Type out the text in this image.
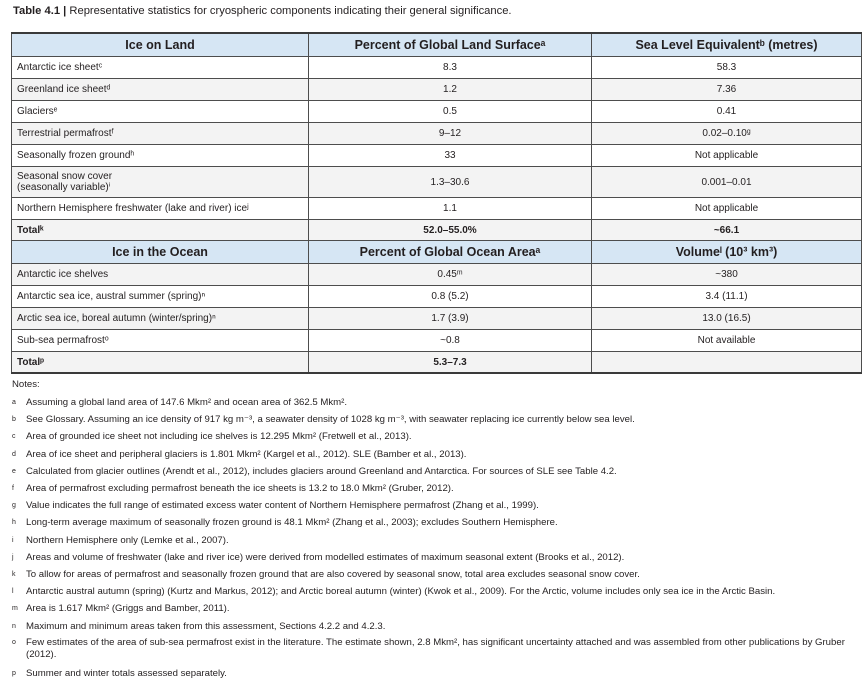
Table 4.1 | Representative statistics for cryospheric components indicating their general significance.
Ice on Land	Percent of Global Land Surfaceᵃ	Sea Level Equivalentᵇ (metres)
Antarctic ice sheetᶜ	8.3	58.3
Greenland ice sheetᵈ	1.2	7.36
Glaciersᵉ	0.5	0.41
Terrestrial permafrostᶠ	9–12	0.02–0.10ᵍ
Seasonally frozen groundʰ	33	Not applicable

Seasonal snow cover
(seasonally variable)ⁱ	1.3–30.6	0.001–0.01
Northern Hemisphere freshwater (lake and river) iceʲ	1.1	Not applicable
Totalᵏ	52.0–55.0%	~66.1
Ice in the Ocean	Percent of Global Ocean Areaᵃ	Volumeˡ (10³ km³)
Antarctic ice shelves	0.45ᵐ	~380
Antarctic sea ice, austral summer (spring)ⁿ	0.8 (5.2)	3.4 (11.1)
Arctic sea ice, boreal autumn (winter/spring)ⁿ	1.7 (3.9)	13.0 (16.5)
Sub-sea permafrostᵒ	~0.8	Not available
Totalᵖ	5.3–7.3	
Notes:
a	Assuming a global land area of 147.6 Mkm² and ocean area of 362.5 Mkm².
b	See Glossary. Assuming an ice density of 917 kg m⁻³, a seawater density of 1028 kg m⁻³, with seawater replacing ice currently below sea level.
c	Area of grounded ice sheet not including ice shelves is 12.295 Mkm² (Fretwell et al., 2013).
d	Area of ice sheet and peripheral glaciers is 1.801 Mkm² (Kargel et al., 2012). SLE (Bamber et al., 2013).
e	Calculated from glacier outlines (Arendt et al., 2012), includes glaciers around Greenland and Antarctica. For sources of SLE see Table 4.2.
f	Area of permafrost excluding permafrost beneath the ice sheets is 13.2 to 18.0 Mkm² (Gruber, 2012).
g	Value indicates the full range of estimated excess water content of Northern Hemisphere permafrost (Zhang et al., 1999).
h	Long-term average maximum of seasonally frozen ground is 48.1 Mkm² (Zhang et al., 2003); excludes Southern Hemisphere.
i	Northern Hemisphere only (Lemke et al., 2007).
j	Areas and volume of freshwater (lake and river ice) were derived from modelled estimates of maximum seasonal extent (Brooks et al., 2012).
k	To allow for areas of permafrost and seasonally frozen ground that are also covered by seasonal snow, total area excludes seasonal snow cover.
l	Antarctic austral autumn (spring) (Kurtz and Markus, 2012); and Arctic boreal autumn (winter) (Kwok et al., 2009). For the Arctic, volume includes only sea ice in the Arctic Basin.
m Area is 1.617 Mkm² (Griggs and Bamber, 2011).
n	Maximum and minimum areas taken from this assessment, Sections 4.2.2 and 4.2.3.
o	Few estimates of the area of sub-sea permafrost exist in the literature. The estimate shown, 2.8 Mkm², has significant uncertainty attached and was assembled from other publications by Gruber (2012).
p	Summer and winter totals assessed separately.
